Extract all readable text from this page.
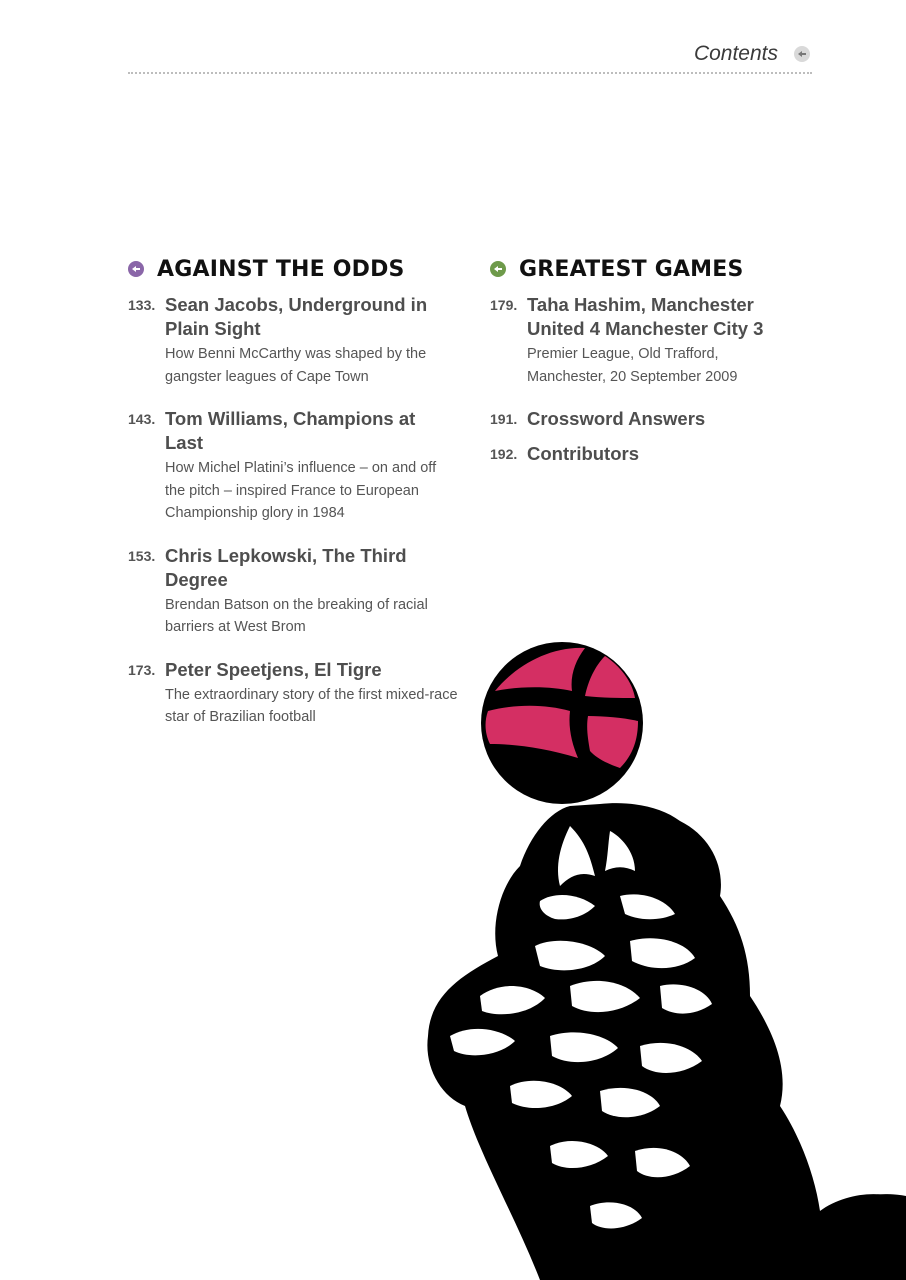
Contents
AGAINST THE ODDS
133. Sean Jacobs, Underground in Plain Sight
How Benni McCarthy was shaped by the gangster leagues of Cape Town
143. Tom Williams, Champions at Last
How Michel Platini’s influence – on and off the pitch – inspired France to European Championship glory in 1984
153. Chris Lepkowski, The Third Degree
Brendan Batson on the breaking of racial barriers at West Brom
173. Peter Speetjens, El Tigre
The extraordinary story of the first mixed-race star of Brazilian football
GREATEST GAMES
179. Taha Hashim, Manchester United 4 Manchester City 3
Premier League, Old Trafford, Manchester, 20 September 2009
191. Crossword Answers
192. Contributors
